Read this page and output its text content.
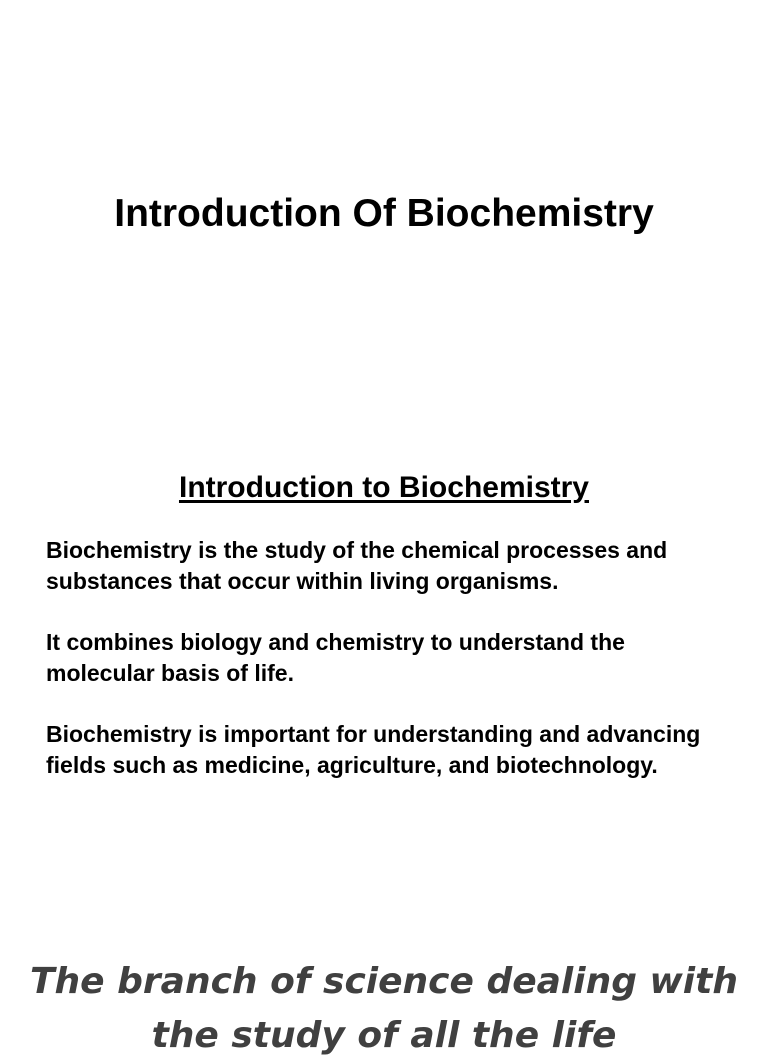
Introduction Of Biochemistry
Introduction to Biochemistry

Biochemistry is the study of the chemical processes and substances that occur within living organisms.

It combines biology and chemistry to understand the molecular basis of life.

Biochemistry is important for understanding and advancing fields such as medicine, agriculture, and biotechnology.

The branch of science dealing with the study of all the life
